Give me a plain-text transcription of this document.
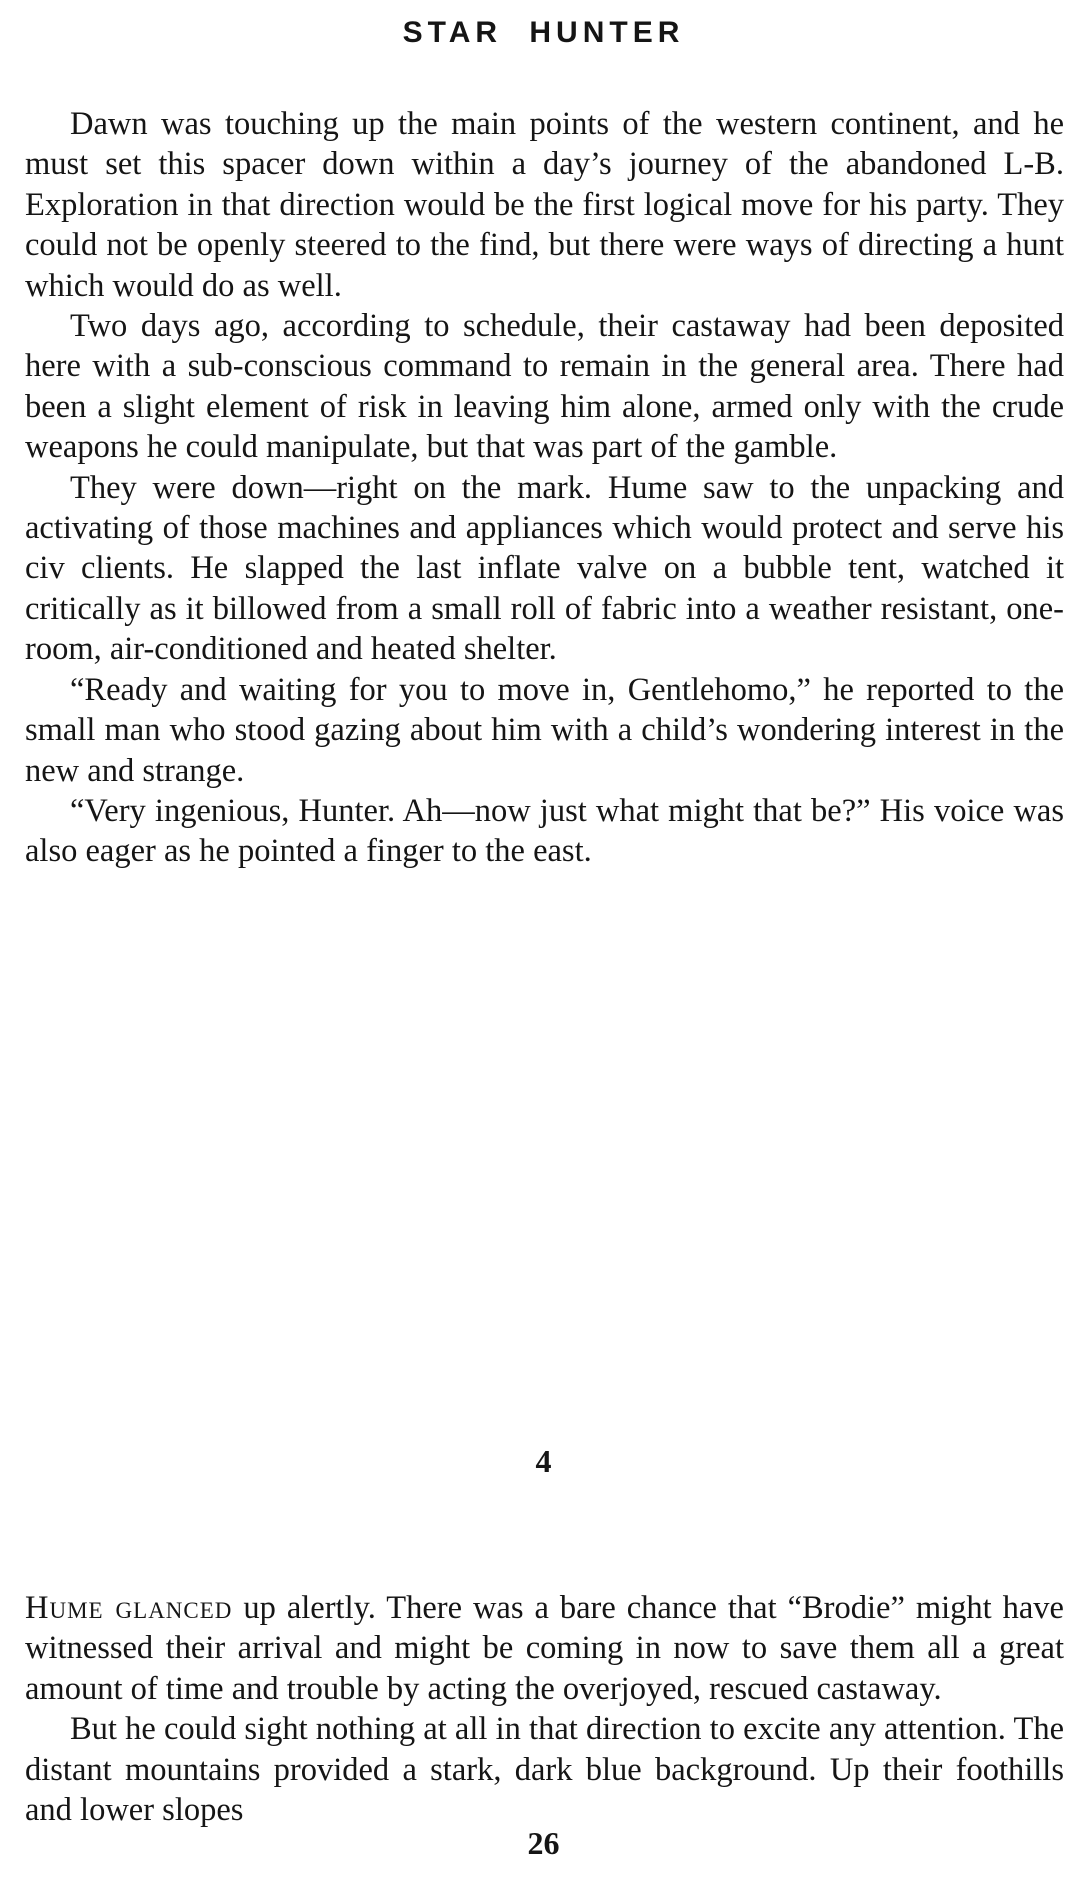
STAR HUNTER

Dawn was touching up the main points of the western continent, and he must set this spacer down within a day’s journey of the abandoned L-B. Exploration in that direction would be the first logical move for his party. They could not be openly steered to the find, but there were ways of directing a hunt which would do as well.

Two days ago, according to schedule, their castaway had been deposited here with a sub-conscious command to remain in the general area. There had been a slight element of risk in leaving him alone, armed only with the crude weapons he could manipulate, but that was part of the gamble.

They were down—right on the mark. Hume saw to the unpacking and activating of those machines and appliances which would protect and serve his civ clients. He slapped the last inflate valve on a bubble tent, watched it critically as it billowed from a small roll of fabric into a weather resistant, one-room, air-conditioned and heated shelter.

“Ready and waiting for you to move in, Gentlehomo,” he reported to the small man who stood gazing about him with a child’s wondering interest in the new and strange.

“Very ingenious, Hunter. Ah—now just what might that be?” His voice was also eager as he pointed a finger to the east.

4

Hume glanced up alertly. There was a bare chance that “Brodie” might have witnessed their arrival and might be coming in now to save them all a great amount of time and trouble by acting the overjoyed, rescued castaway.

But he could sight nothing at all in that direction to excite any attention. The distant mountains provided a stark, dark blue background. Up their foothills and lower slopes

26
